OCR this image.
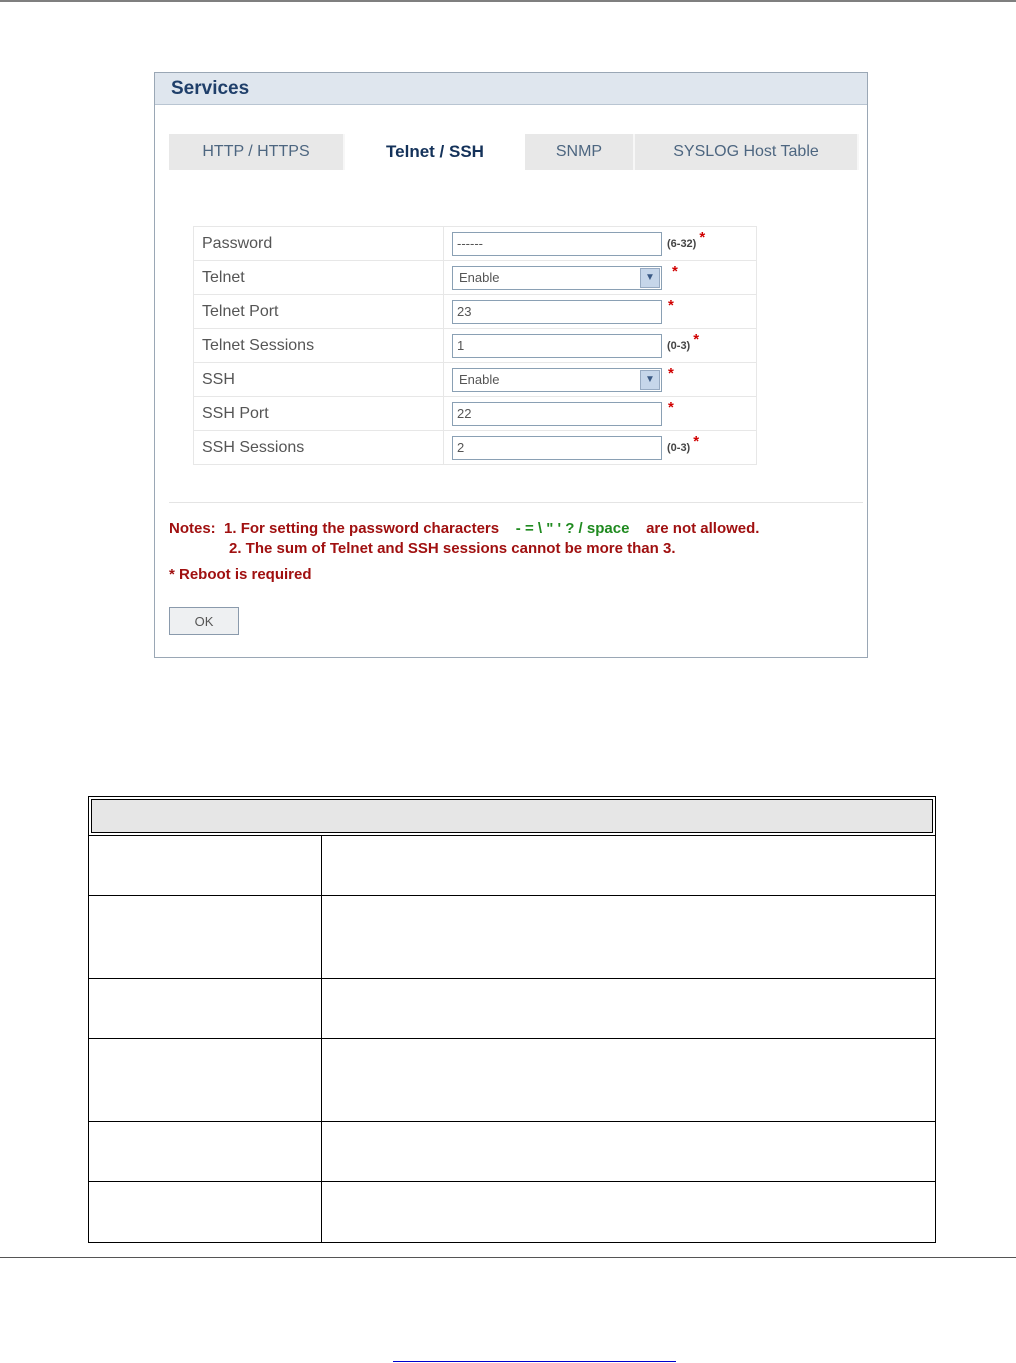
Services
HTTP / HTTPS	Telnet / SSH	SNMP	SYSLOG Host Table
Password	------(6-32) *
Telnet	Enable ▼ *
Telnet Port	23*
Telnet Sessions	1(0-3) *
SSH	Enable ▼ *
SSH Port	22*
SSH Sessions	2(0-3) *
Notes: 1. For setting the password characters - = \ " ' ? / space are not allowed.
2. The sum of Telnet and SSH sessions cannot be more than 3.
* Reboot is required
OK
